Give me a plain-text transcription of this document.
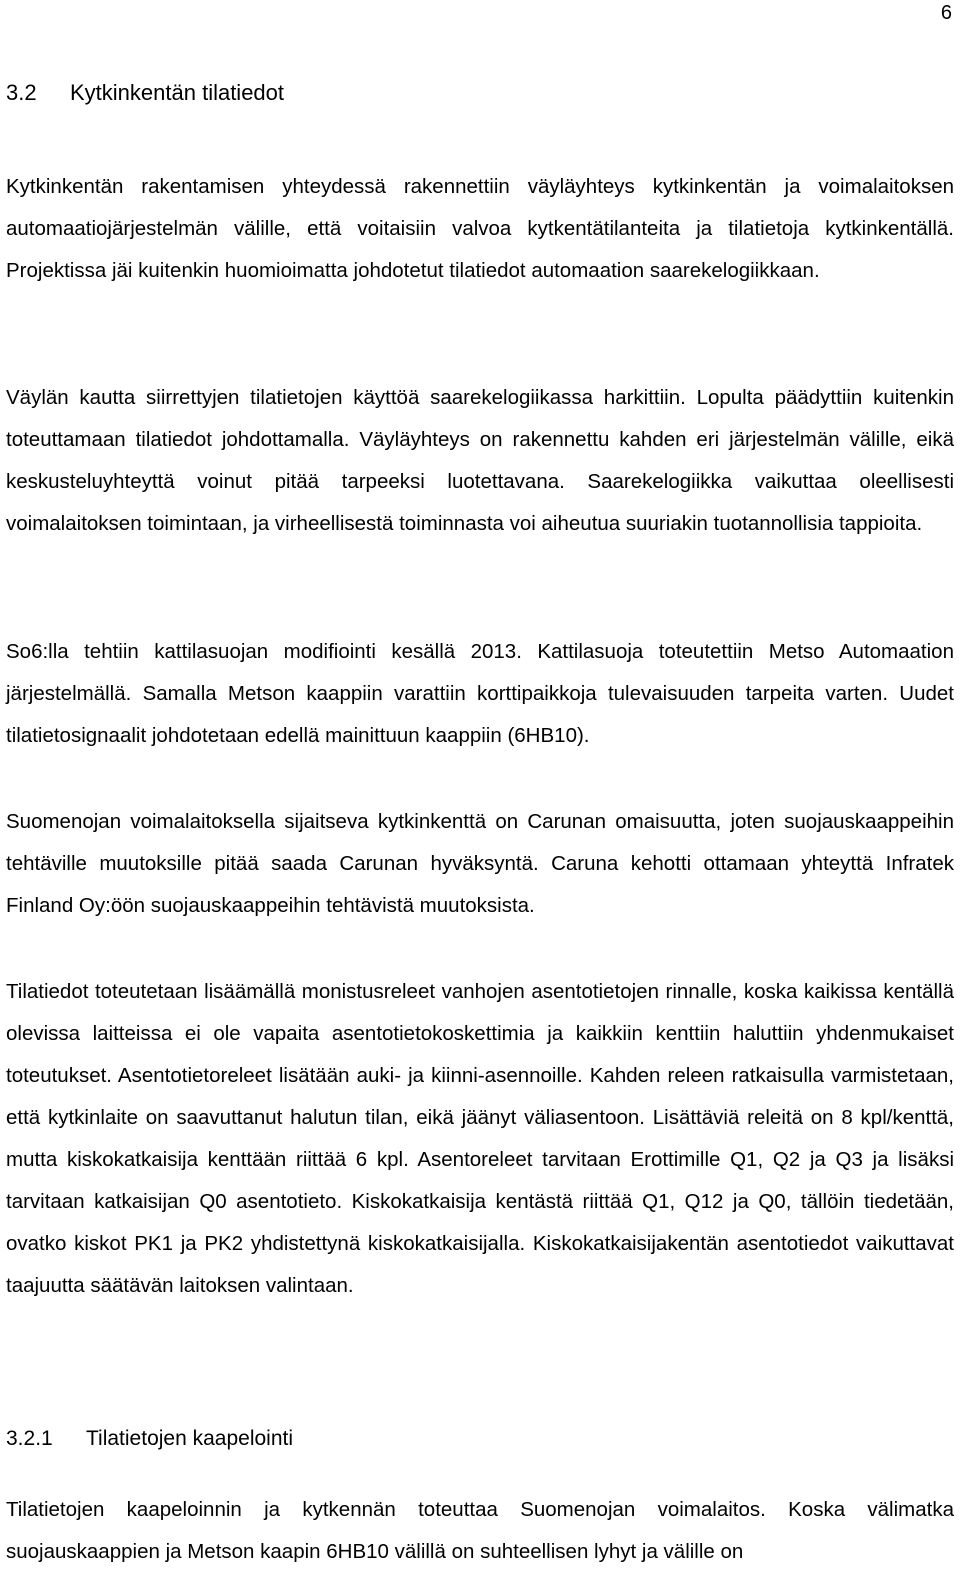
6
3.2 Kytkinkentän tilatiedot

Kytkinkentän rakentamisen yhteydessä rakennettiin väyläyhteys kytkinkentän ja voimalaitoksen automaatiojärjestelmän välille, että voitaisiin valvoa kytkentätilanteita ja tilatietoja kytkinkentällä. Projektissa jäi kuitenkin huomioimatta johdotetut tilatiedot automaation saarekelogiikkaan.

Väylän kautta siirrettyjen tilatietojen käyttöä saarekelogiikassa harkittiin. Lopulta päädyttiin kuitenkin toteuttamaan tilatiedot johdottamalla. Väyläyhteys on rakennettu kahden eri järjestelmän välille, eikä keskusteluyhteyttä voinut pitää tarpeeksi luotettavana. Saarekelogiikka vaikuttaa oleellisesti voimalaitoksen toimintaan, ja virheellisestä toiminnasta voi aiheutua suuriakin tuotannollisia tappioita.

So6:lla tehtiin kattilasuojan modifiointi kesällä 2013. Kattilasuoja toteutettiin Metso Automaation järjestelmällä. Samalla Metson kaappiin varattiin korttipaikkoja tulevaisuuden tarpeita varten. Uudet tilatietosignaalit johdotetaan edellä mainittuun kaappiin (6HB10).

Suomenojan voimalaitoksella sijaitseva kytkinkenttä on Carunan omaisuutta, joten suojauskaappeihin tehtäville muutoksille pitää saada Carunan hyväksyntä. Caruna kehotti ottamaan yhteyttä Infratek Finland Oy:öön suojauskaappeihin tehtävistä muutoksista.

Tilatiedot toteutetaan lisäämällä monistusreleet vanhojen asentotietojen rinnalle, koska kaikissa kentällä olevissa laitteissa ei ole vapaita asentotietokoskettimia ja kaikkiin kenttiin haluttiin yhdenmukaiset toteutukset. Asentotietoreleet lisätään auki- ja kiinni-asennoille. Kahden releen ratkaisulla varmistetaan, että kytkinlaite on saavuttanut halutun tilan, eikä jäänyt väliasentoon. Lisättäviä releitä on 8 kpl/kenttä, mutta kiskokatkaisija kenttään riittää 6 kpl. Asentoreleet tarvitaan Erottimille Q1, Q2 ja Q3 ja lisäksi tarvitaan katkaisijan Q0 asentotieto. Kiskokatkaisija kentästä riittää Q1, Q12 ja Q0, tällöin tiedetään, ovatko kiskot PK1 ja PK2 yhdistettynä kiskokatkaisijalla. Kiskokatkaisijakentän asentotiedot vaikuttavat taajuutta säätävän laitoksen valintaan.

3.2.1 Tilatietojen kaapelointi

Tilatietojen kaapeloinnin ja kytkennän toteuttaa Suomenojan voimalaitos. Koska välimatka suojauskaappien ja Metson kaapin 6HB10 välillä on suhteellisen lyhyt ja välille on
